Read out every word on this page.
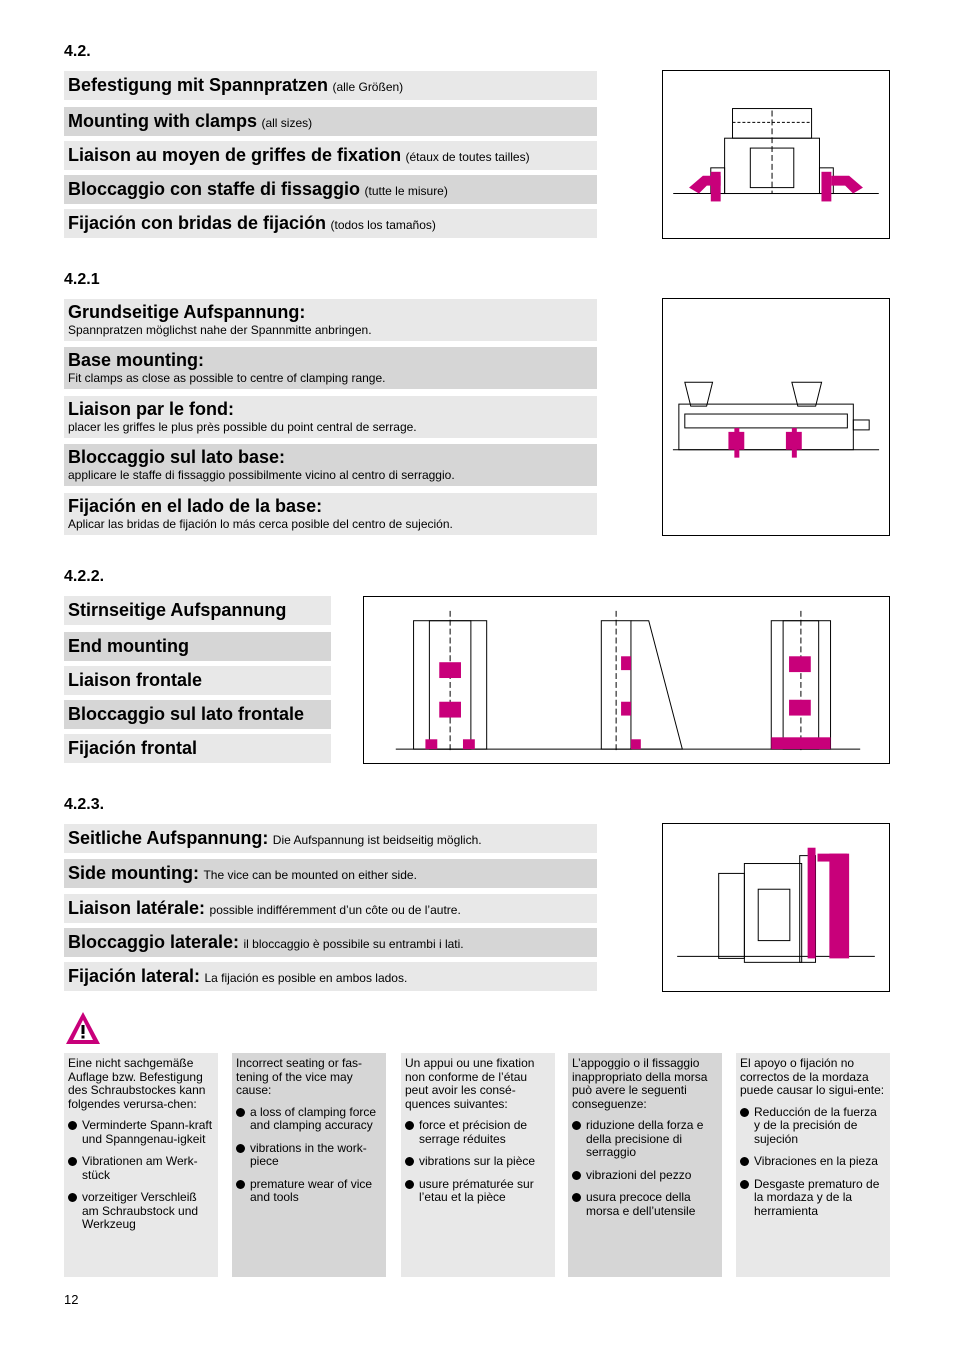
4.2.
Befestigung mit Spannpratzen (alle Größen)
Mounting with clamps (all sizes)
Liaison au moyen de griffes de fixation (étaux de toutes tailles)
Bloccaggio con staffe di fissaggio (tutte le misure)
Fijación con bridas de fijación (todos los tamaños)
4.2.1
Grundseitige Aufspannung:
Spannpratzen möglichst nahe der Spannmitte anbringen.
Base mounting:
Fit clamps as close as possible to centre of clamping range.
Liaison par le fond:
placer les griffes le plus près possible du point central de serrage.
Bloccaggio sul lato base:
applicare le staffe di fissaggio possibilmente vicino al centro di serraggio.
Fijación en el lado de la base:
Aplicar las bridas de fijación lo más cerca posible del centro de sujeción.
4.2.2.
Stirnseitige Aufspannung
End mounting
Liaison frontale
Bloccaggio sul lato frontale
Fijación frontal
4.2.3.
Seitliche Aufspannung: Die Aufspannung ist beidseitig möglich.
Side mounting: The vice can be mounted on either side.
Liaison latérale: possible indifféremment d’un côte ou de l’autre.
Bloccaggio laterale: il bloccaggio è possibile su entrambi i lati.
Fijación lateral: La fijación es posible en ambos lados.

Eine nicht sachgemäße Auflage bzw. Befestigung des Schraubstockes kann folgendes verursa-chen:

Verminderte Spann-kraft und Spanngenau-igkeit
Vibrationen am Werk-stück
vorzeitiger Verschleiß am Schraubstock und Werkzeug

Incorrect seating or fas-tening of the vice may cause:

a loss of clamping force and clamping accuracy
vibrations in the work-piece
premature wear of vice and tools

Un appui ou une fixation non conforme de l’étau peut avoir les consé-quences suivantes:

force et précision de serrage réduites
vibrations sur la pièce
usure prématurée sur l’etau et la pièce

L’appoggio o il fissaggio inappropriato della morsa può avere le seguenti conseguenze:

riduzione della forza e della precisione di serraggio
vibrazioni del pezzo
usura precoce della morsa e dell’utensile

El apoyo o fijación no correctos de la mordaza puede causar lo sigui-ente:

Reducción de la fuerza y de la precisión de sujeción
Vibraciones en la pieza
Desgaste prematuro de la mordaza y de la herramienta
12
